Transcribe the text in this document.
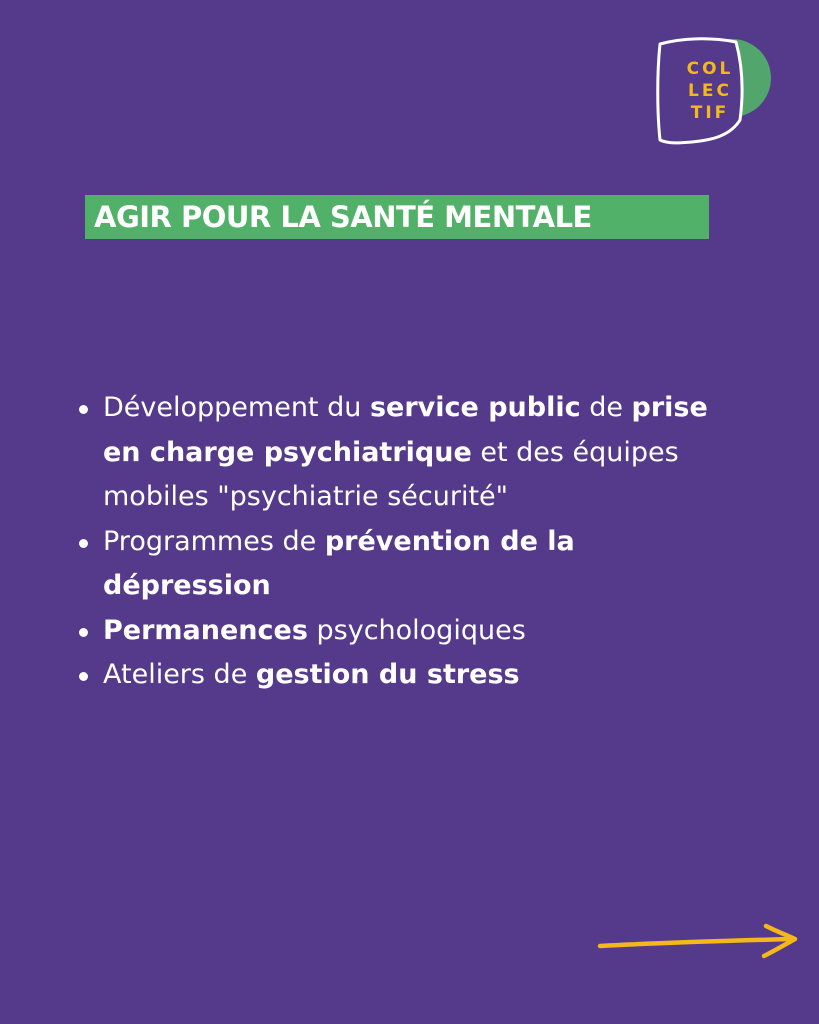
COL
LEC
TIF
AGIR POUR LA SANTÉ MENTALE
Développement du service public de prise en charge psychiatrique et des équipes mobiles "psychiatrie sécurité"
Programmes de prévention de la dépression
Permanences psychologiques
Ateliers de gestion du stress
